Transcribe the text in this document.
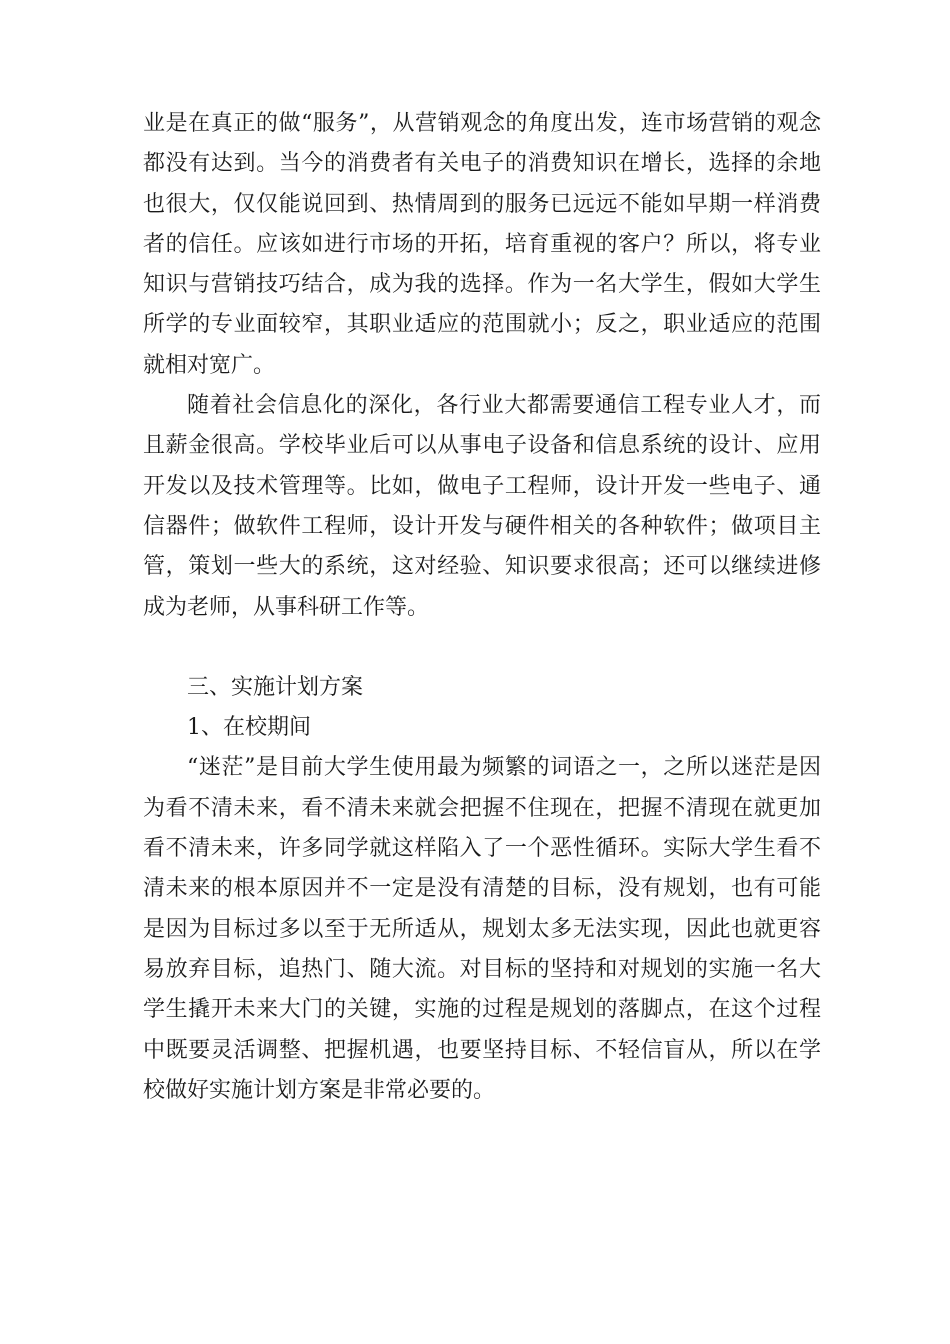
业是在真正的做“服务”，从营销观念的角度出发，连市场营销的观念都没有达到。当今的消费者有关电子的消费知识在增长，选择的余地也很大，仅仅能说回到、热情周到的服务已远远不能如早期一样消费者的信任。应该如进行市场的开拓，培育重视的客户？所以，将专业知识与营销技巧结合，成为我的选择。作为一名大学生，假如大学生所学的专业面较窄，其职业适应的范围就小；反之，职业适应的范围就相对宽广。

随着社会信息化的深化，各行业大都需要通信工程专业人才，而且薪金很高。学校毕业后可以从事电子设备和信息系统的设计、应用开发以及技术管理等。比如，做电子工程师，设计开发一些电子、通信器件；做软件工程师，设计开发与硬件相关的各种软件；做项目主管，策划一些大的系统，这对经验、知识要求很高；还可以继续进修成为老师，从事科研工作等。

三、实施计划方案

1、在校期间

“迷茫”是目前大学生使用最为频繁的词语之一，之所以迷茫是因为看不清未来，看不清未来就会把握不住现在，把握不清现在就更加看不清未来，许多同学就这样陷入了一个恶性循环。实际大学生看不清未来的根本原因并不一定是没有清楚的目标，没有规划，也有可能是因为目标过多以至于无所适从，规划太多无法实现，因此也就更容易放弃目标，追热门、随大流。对目标的坚持和对规划的实施一名大学生撬开未来大门的关键，实施的过程是规划的落脚点，在这个过程中既要灵活调整、把握机遇，也要坚持目标、不轻信盲从，所以在学校做好实施计划方案是非常必要的。
